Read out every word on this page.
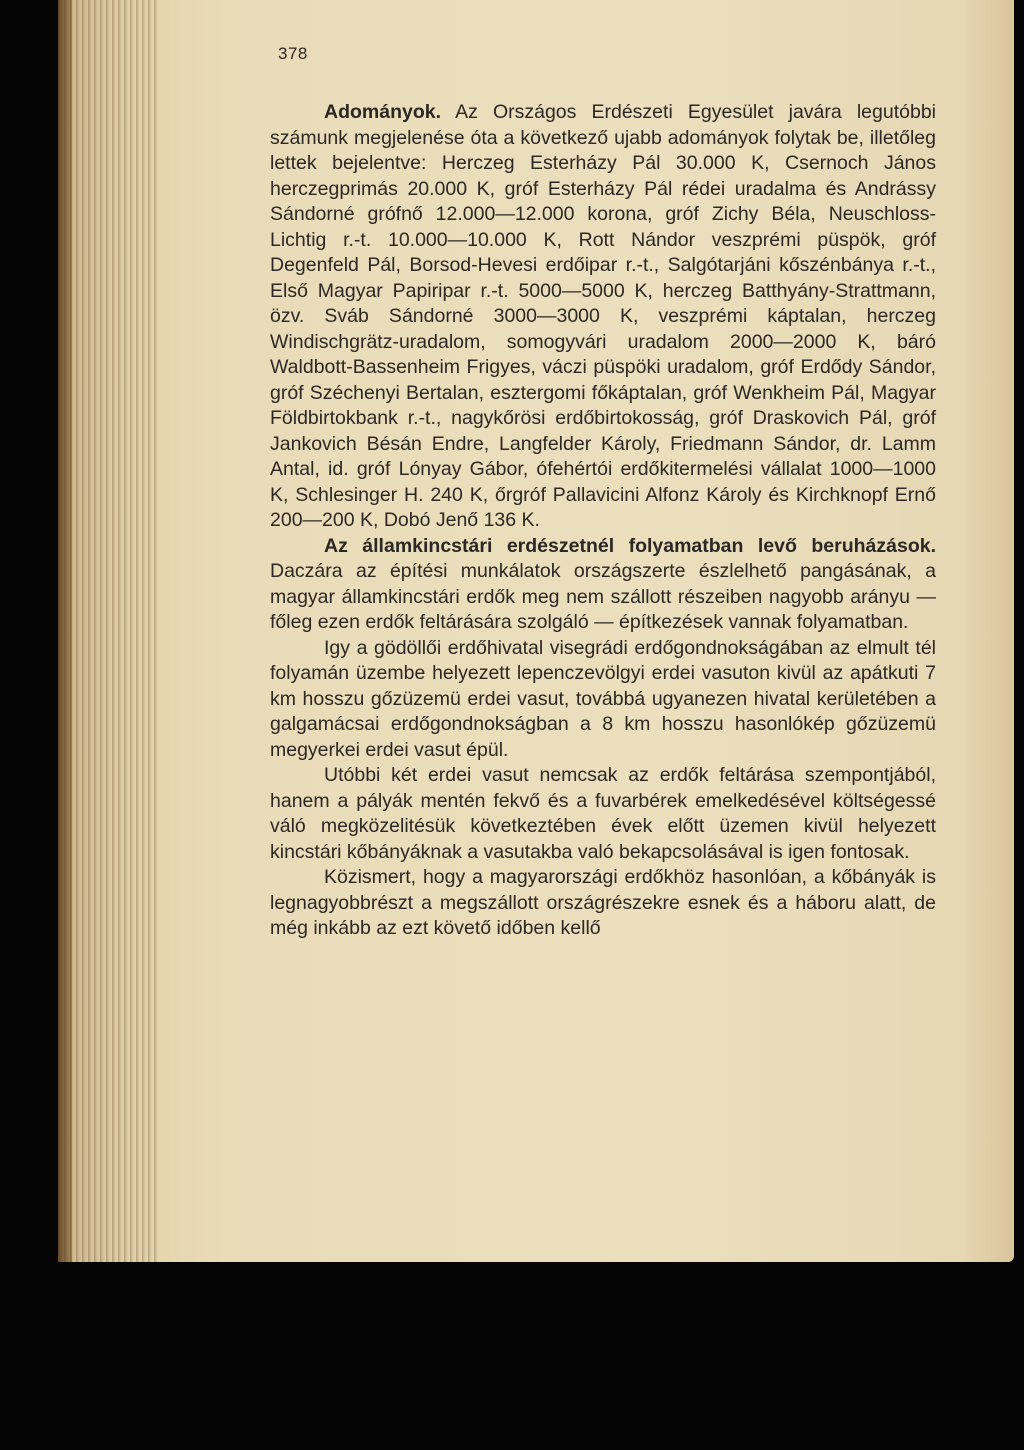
378

Adományok. Az Országos Erdészeti Egyesület javára legutóbbi számunk megjelenése óta a következő ujabb adományok folytak be, illetőleg lettek bejelentve: Herczeg Esterházy Pál 30.000 K, Csernoch János herczegprimás 20.000 K, gróf Esterházy Pál rédei uradalma és Andrássy Sándorné grófnő 12.000—12.000 korona, gróf Zichy Béla, Neuschloss-Lichtig r.-t. 10.000—10.000 K, Rott Nándor veszprémi püspök, gróf Degenfeld Pál, Borsod-Hevesi erdőipar r.-t., Salgótarjáni kőszénbánya r.-t., Első Magyar Papiripar r.-t. 5000—5000 K, herczeg Batthyány-Strattmann, özv. Sváb Sándorné 3000—3000 K, veszprémi káptalan, herczeg Windischgrätz-uradalom, somogyvári uradalom 2000—2000 K, báró Waldbott-Bassenheim Frigyes, váczi püspöki uradalom, gróf Erdődy Sándor, gróf Széchenyi Bertalan, esztergomi főkáptalan, gróf Wenkheim Pál, Magyar Földbirtokbank r.-t., nagykőrösi erdőbirtokosság, gróf Draskovich Pál, gróf Jankovich Bésán Endre, Langfelder Károly, Friedmann Sándor, dr. Lamm Antal, id. gróf Lónyay Gábor, ófehértói erdőkitermelési vállalat 1000—1000 K, Schlesinger H. 240 K, őrgróf Pallavicini Alfonz Károly és Kirchknopf Ernő 200—200 K, Dobó Jenő 136 K.

Az államkincstári erdészetnél folyamatban levő beruházások. Daczára az építési munkálatok országszerte észlelhető pangásának, a magyar államkincstári erdők meg nem szállott részeiben nagyobb arányu — főleg ezen erdők feltárására szolgáló — építkezések vannak folyamatban.

Igy a gödöllői erdőhivatal visegrádi erdőgondnokságában az elmult tél folyamán üzembe helyezett lepenczevölgyi erdei vasuton kivül az apátkuti 7 km hosszu gőzüzemü erdei vasut, továbbá ugyanezen hivatal kerületében a galgamácsai erdőgondnokságban a 8 km hosszu hasonlókép gőzüzemü megyerkei erdei vasut épül.

Utóbbi két erdei vasut nemcsak az erdők feltárása szempontjából, hanem a pályák mentén fekvő és a fuvarbérek emelkedésével költségessé váló megközelitésük következtében évek előtt üzemen kivül helyezett kincstári kőbányáknak a vasutakba való bekapcsolásával is igen fontosak.

Közismert, hogy a magyarországi erdőkhöz hasonlóan, a kőbányák is legnagyobbrészt a megszállott országrészekre esnek és a háboru alatt, de még inkább az ezt követő időben kellő
